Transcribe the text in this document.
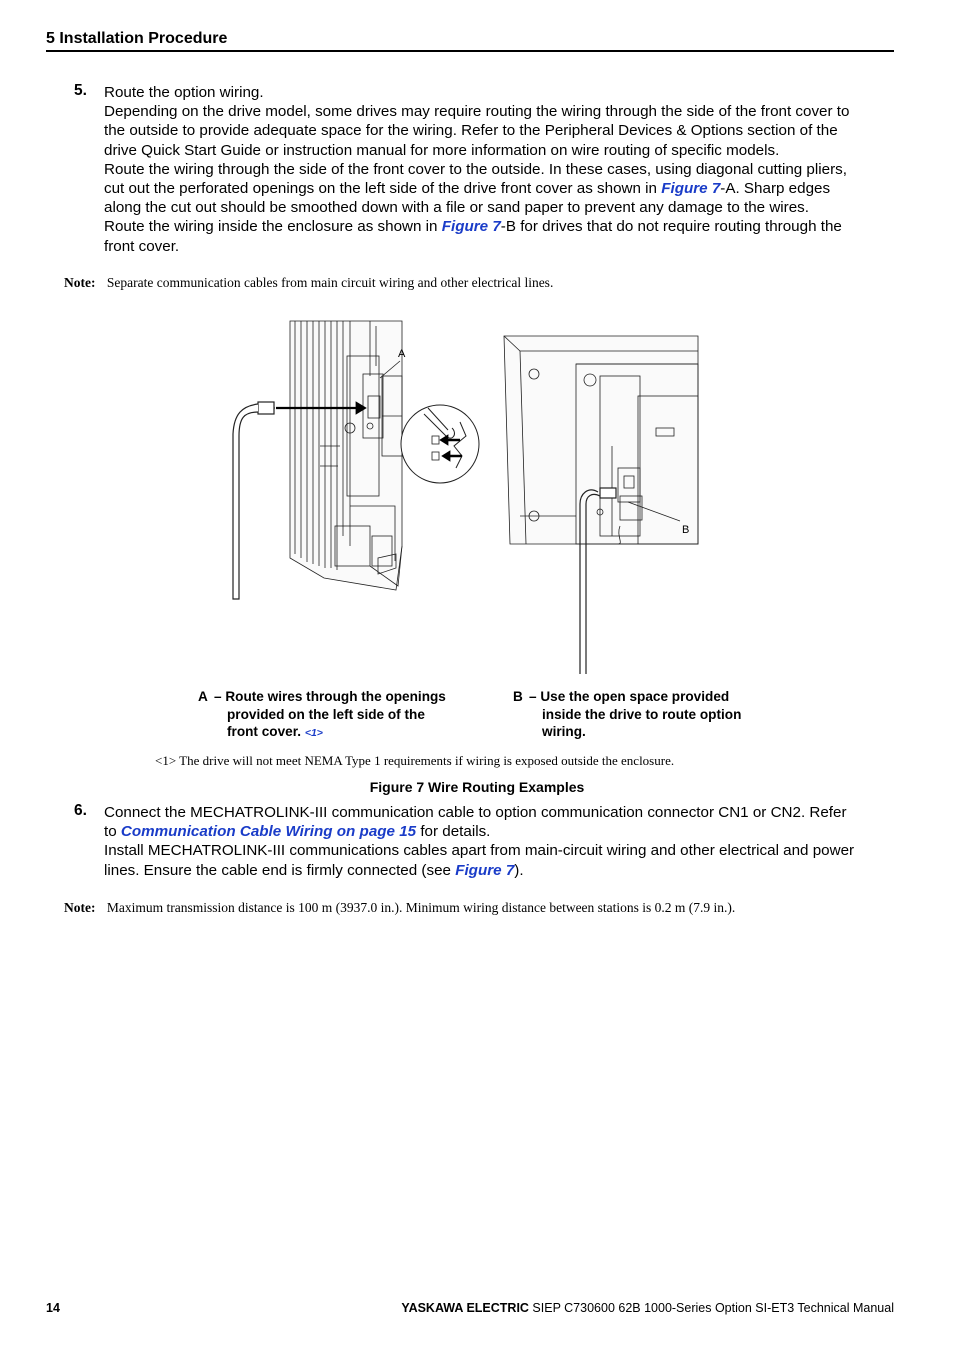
5 Installation Procedure
5. Route the option wiring.
Depending on the drive model, some drives may require routing the wiring through the side of the front cover to
the outside to provide adequate space for the wiring. Refer to the Peripheral Devices & Options section of the
drive Quick Start Guide or instruction manual for more information on wire routing of specific models.
Route the wiring through the side of the front cover to the outside. In these cases, using diagonal cutting pliers,
cut out the perforated openings on the left side of the drive front cover as shown in Figure 7-A. Sharp edges
along the cut out should be smoothed down with a file or sand paper to prevent any damage to the wires.
Route the wiring inside the enclosure as shown in Figure 7-B for drives that do not require routing through the
front cover.
Note: Separate communication cables from main circuit wiring and other electrical lines.
A
B
A – Route wires through the openings
provided on the left side of the
front cover. <1>
B – Use the open space provided
inside the drive to route option
wiring.
<1> The drive will not meet NEMA Type 1 requirements if wiring is exposed outside the enclosure.
Figure 7 Wire Routing Examples
6. Connect the MECHATROLINK-III communication cable to option communication connector CN1 or CN2. Refer
to Communication Cable Wiring on page 15 for details.
Install MECHATROLINK-III communications cables apart from main-circuit wiring and other electrical and power
lines. Ensure the cable end is firmly connected (see Figure 7).
Note: Maximum transmission distance is 100 m (3937.0 in.). Minimum wiring distance between stations is 0.2 m (7.9 in.).
14	YASKAWA ELECTRIC SIEP C730600 62B 1000-Series Option SI-ET3 Technical Manual
